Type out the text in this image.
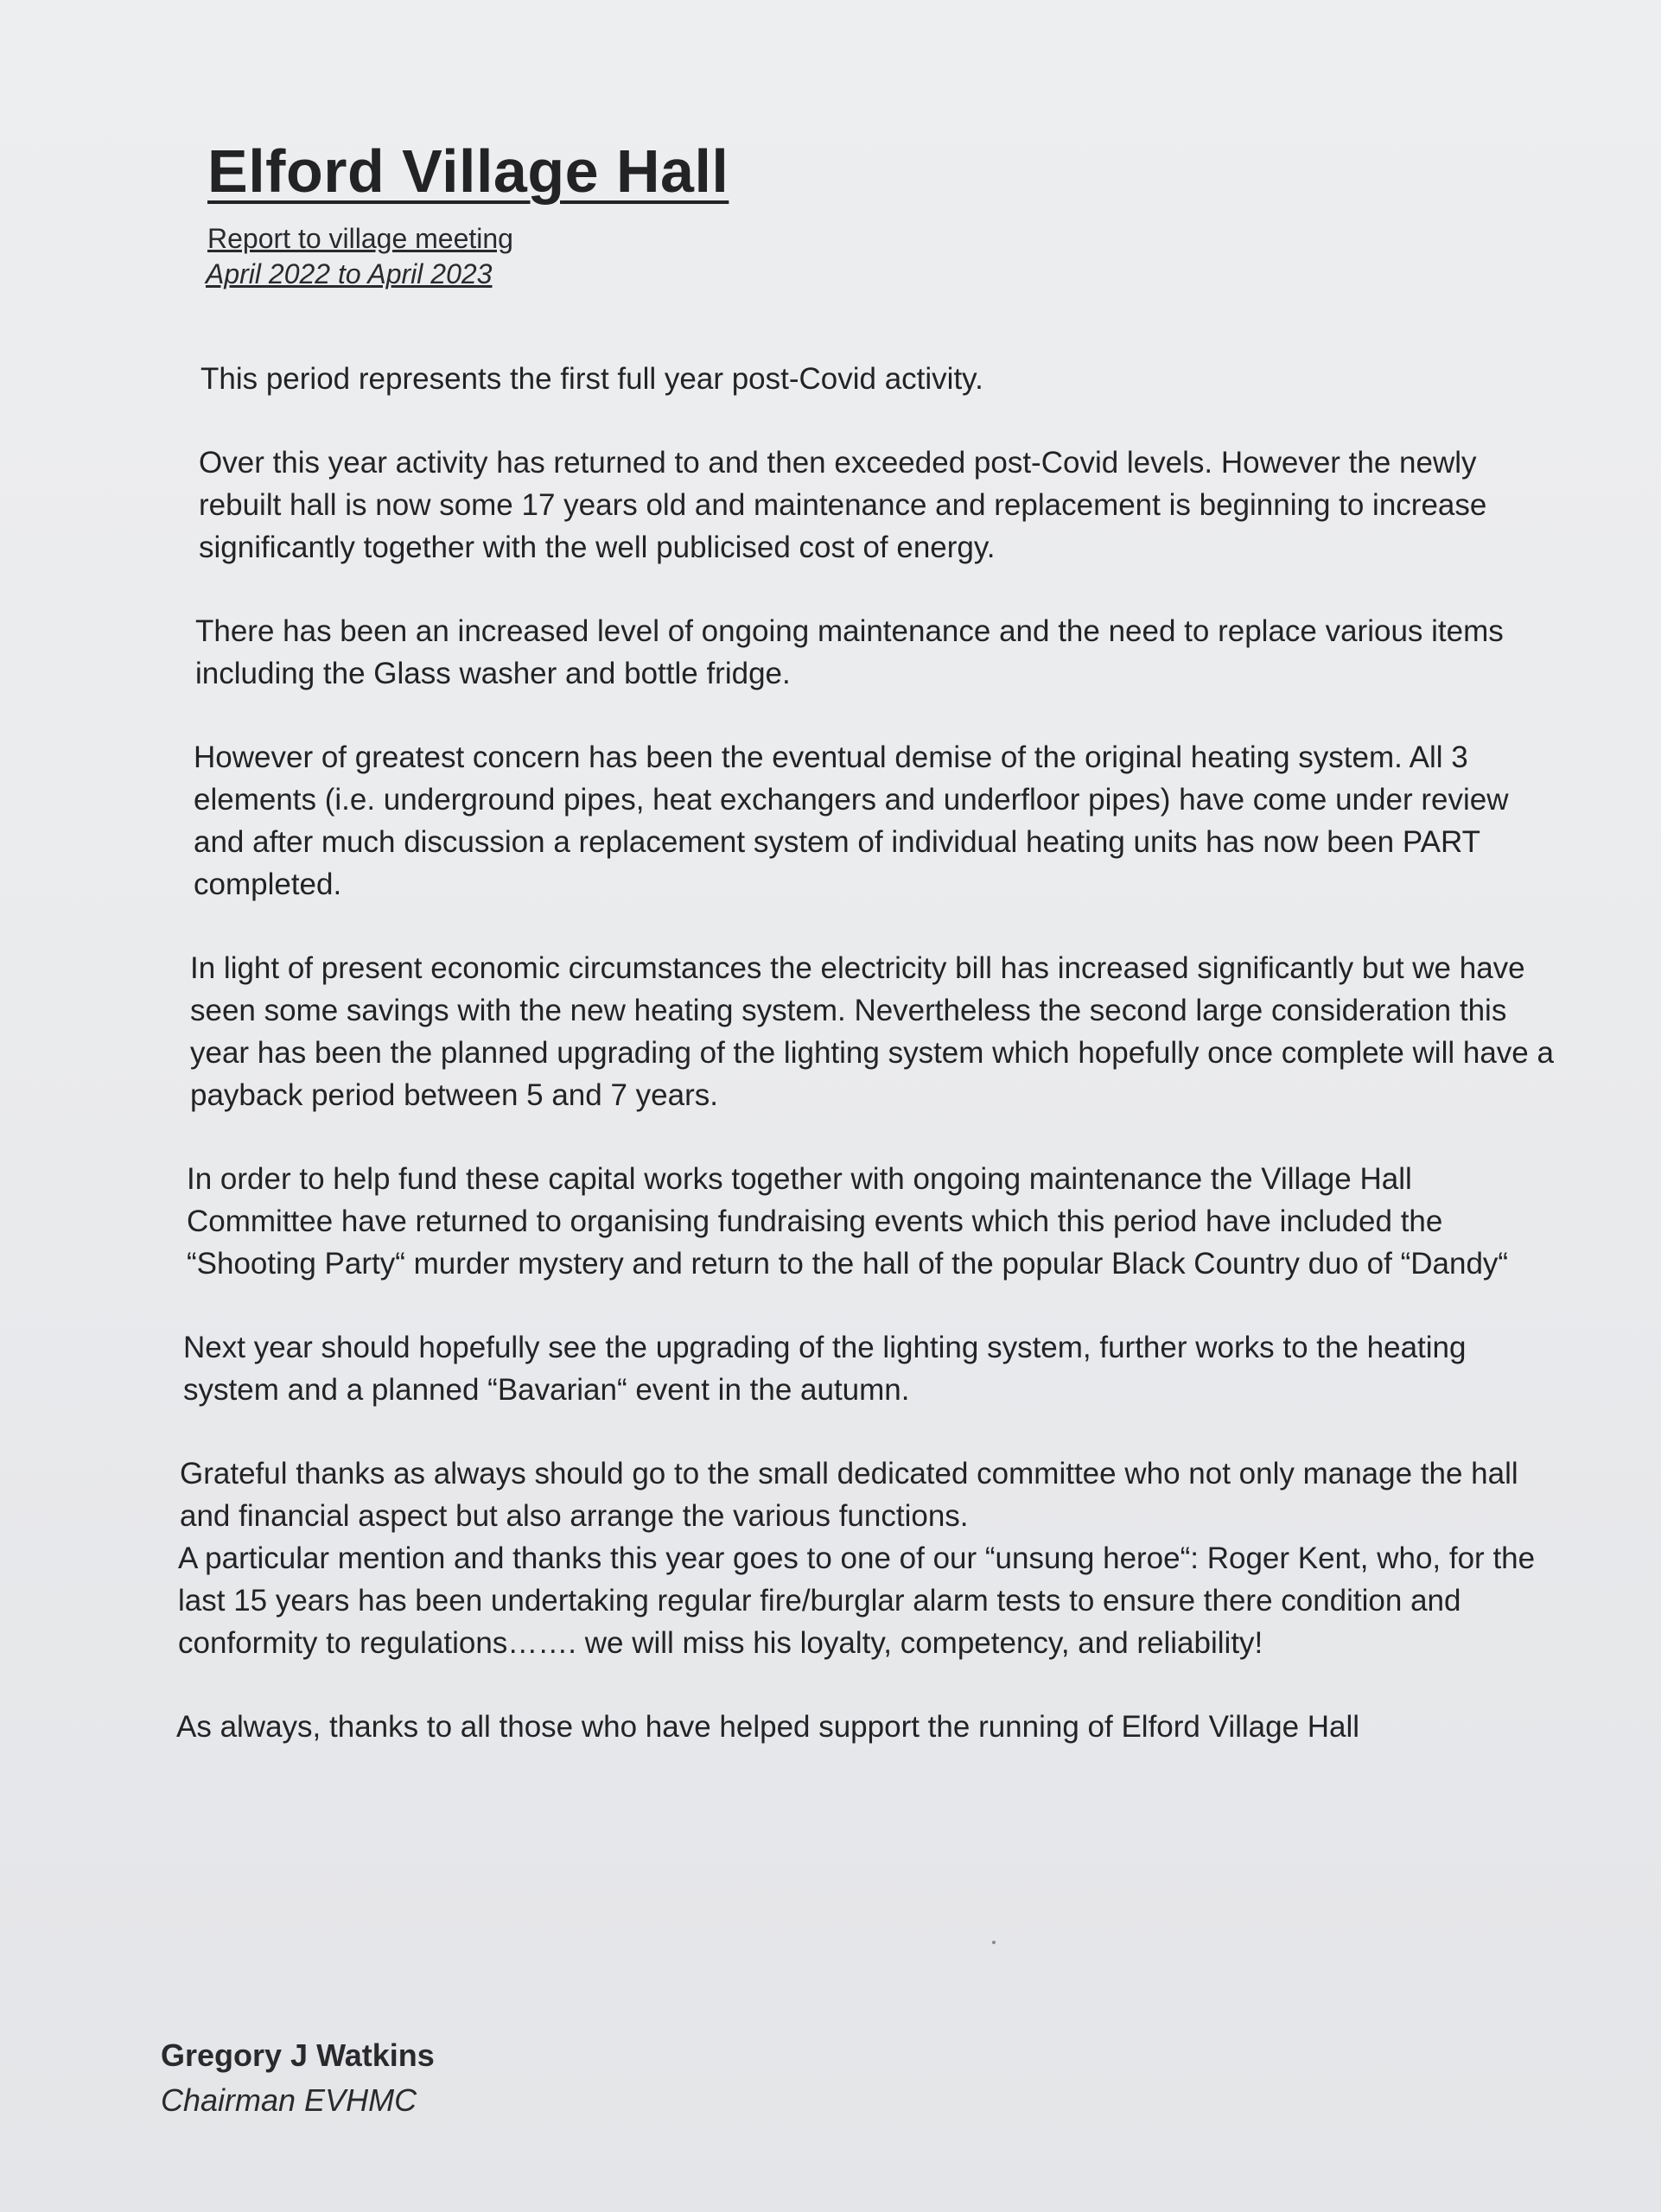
Elford Village Hall
Report to village meeting
April 2022 to April 2023

This period represents the first full year post-Covid activity.

Over this year activity has returned to and then exceeded post-Covid levels. However the newly rebuilt hall is now some 17 years old and maintenance and replacement is beginning to increase significantly together with the well publicised cost of energy.

There has been an increased level of ongoing maintenance and the need to replace various items including the Glass washer and bottle fridge.

However of greatest concern has been the eventual demise of the original heating system. All 3 elements (i.e. underground pipes, heat exchangers and underfloor pipes) have come under review and after much discussion a replacement system of individual heating units has now been PART completed.

In light of present economic circumstances the electricity bill has increased significantly but we have seen some savings with the new heating system. Nevertheless the second large consideration this year has been the planned upgrading of the lighting system which hopefully once complete will have a payback period between 5 and 7 years.

In order to help fund these capital works together with ongoing maintenance the Village Hall Committee have returned to organising fundraising events which this period have included the “Shooting Party“ murder mystery and return to the hall of the popular Black Country duo of “Dandy“

Next year should hopefully see the upgrading of the lighting system, further works to the heating system and a planned “Bavarian“ event in the autumn.

Grateful thanks as always should go to the small dedicated committee who not only manage the hall and financial aspect but also arrange the various functions.

A particular mention and thanks this year goes to one of our “unsung heroe“: Roger Kent, who, for the last 15 years has been undertaking regular fire/burglar alarm tests to ensure there condition and conformity to regulations……. we will miss his loyalty, competency, and reliability!

As always, thanks to all those who have helped support the running of Elford Village Hall

Gregory J Watkins
Chairman EVHMC
